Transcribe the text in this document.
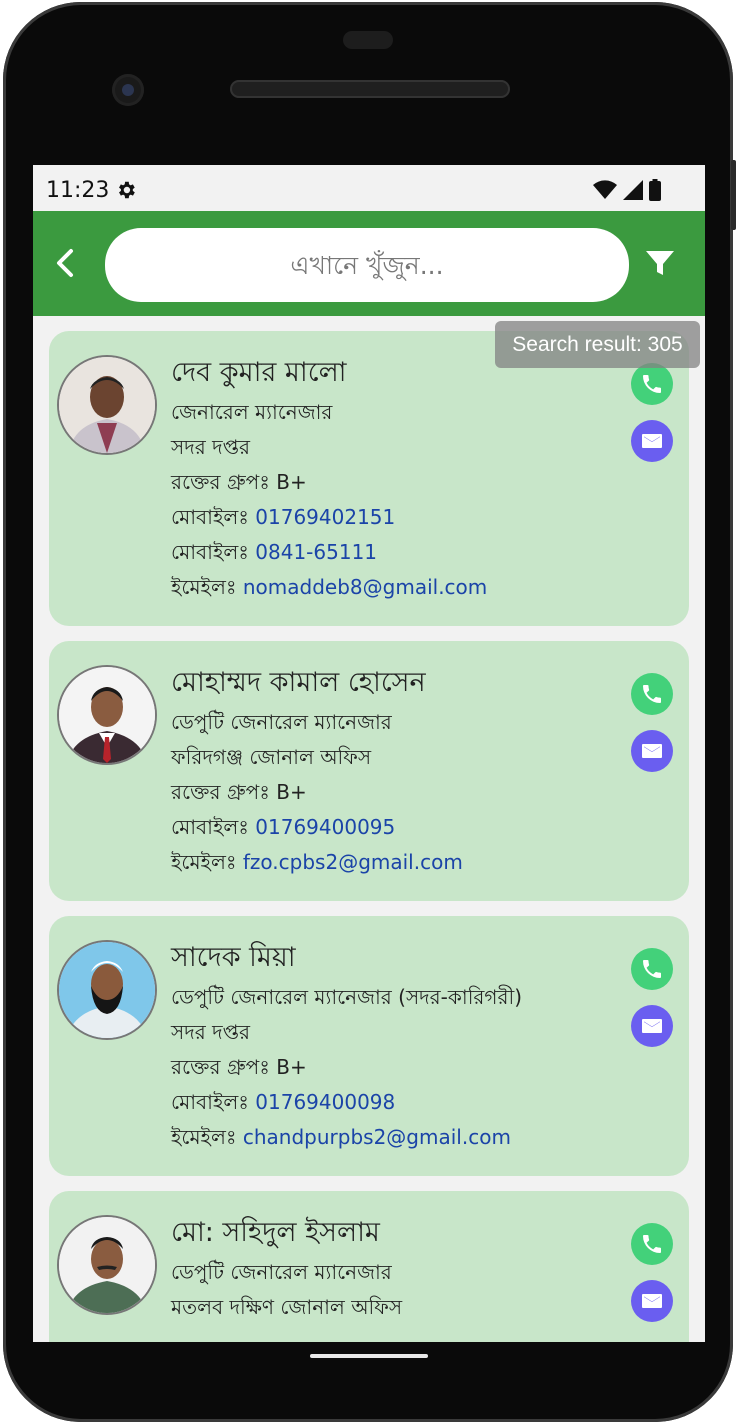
11:23
এখানে খুঁজুন...
Search result: 305
দেব কুমার মালো
জেনারেল ম্যানেজার
সদর দপ্তর
রক্তের গ্রুপঃ B+
মোবাইলঃ 01769402151
মোবাইলঃ 0841-65111
ইমেইলঃ nomaddeb8@gmail.com
মোহাম্মদ কামাল হোসেন
ডেপুটি জেনারেল ম্যানেজার
ফরিদগঞ্জ জোনাল অফিস
রক্তের গ্রুপঃ B+
মোবাইলঃ 01769400095
ইমেইলঃ fzo.cpbs2@gmail.com
সাদেক মিয়া
ডেপুটি জেনারেল ম্যানেজার (সদর-কারিগরী)
সদর দপ্তর
রক্তের গ্রুপঃ B+
মোবাইলঃ 01769400098
ইমেইলঃ chandpurpbs2@gmail.com
মো: সহিদুল ইসলাম
ডেপুটি জেনারেল ম্যানেজার
মতলব দক্ষিণ জোনাল অফিস
